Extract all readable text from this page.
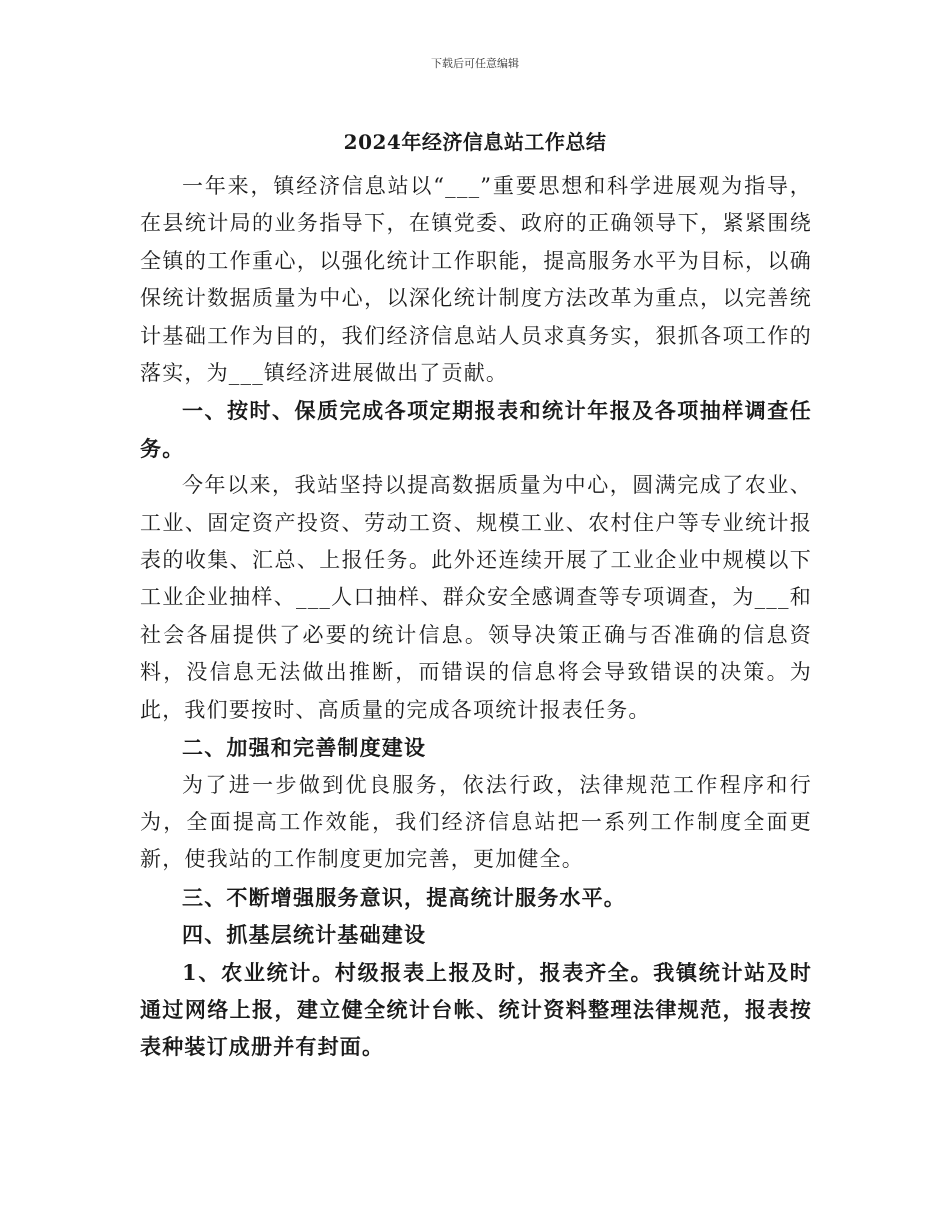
下载后可任意编辑
2024年经济信息站工作总结

一年来，镇经济信息站以“___”重要思想和科学进展观为指导，在县统计局的业务指导下，在镇党委、政府的正确领导下，紧紧围绕全镇的工作重心，以强化统计工作职能，提高服务水平为目标，以确保统计数据质量为中心，以深化统计制度方法改革为重点，以完善统计基础工作为目的，我们经济信息站人员求真务实，狠抓各项工作的落实，为___镇经济进展做出了贡献。

一、按时、保质完成各项定期报表和统计年报及各项抽样调查任务。

今年以来，我站坚持以提高数据质量为中心，圆满完成了农业、工业、固定资产投资、劳动工资、规模工业、农村住户等专业统计报表的收集、汇总、上报任务。此外还连续开展了工业企业中规模以下工业企业抽样、___人口抽样、群众安全感调查等专项调查，为___和社会各届提供了必要的统计信息。领导决策正确与否准确的信息资料，没信息无法做出推断，而错误的信息将会导致错误的决策。为此，我们要按时、高质量的完成各项统计报表任务。

二、加强和完善制度建设

为了进一步做到优良服务，依法行政，法律规范工作程序和行为，全面提高工作效能，我们经济信息站把一系列工作制度全面更新，使我站的工作制度更加完善，更加健全。

三、不断增强服务意识，提高统计服务水平。

四、抓基层统计基础建设

1、农业统计。村级报表上报及时，报表齐全。我镇统计站及时通过网络上报，建立健全统计台帐、统计资料整理法律规范，报表按表种装订成册并有封面。
